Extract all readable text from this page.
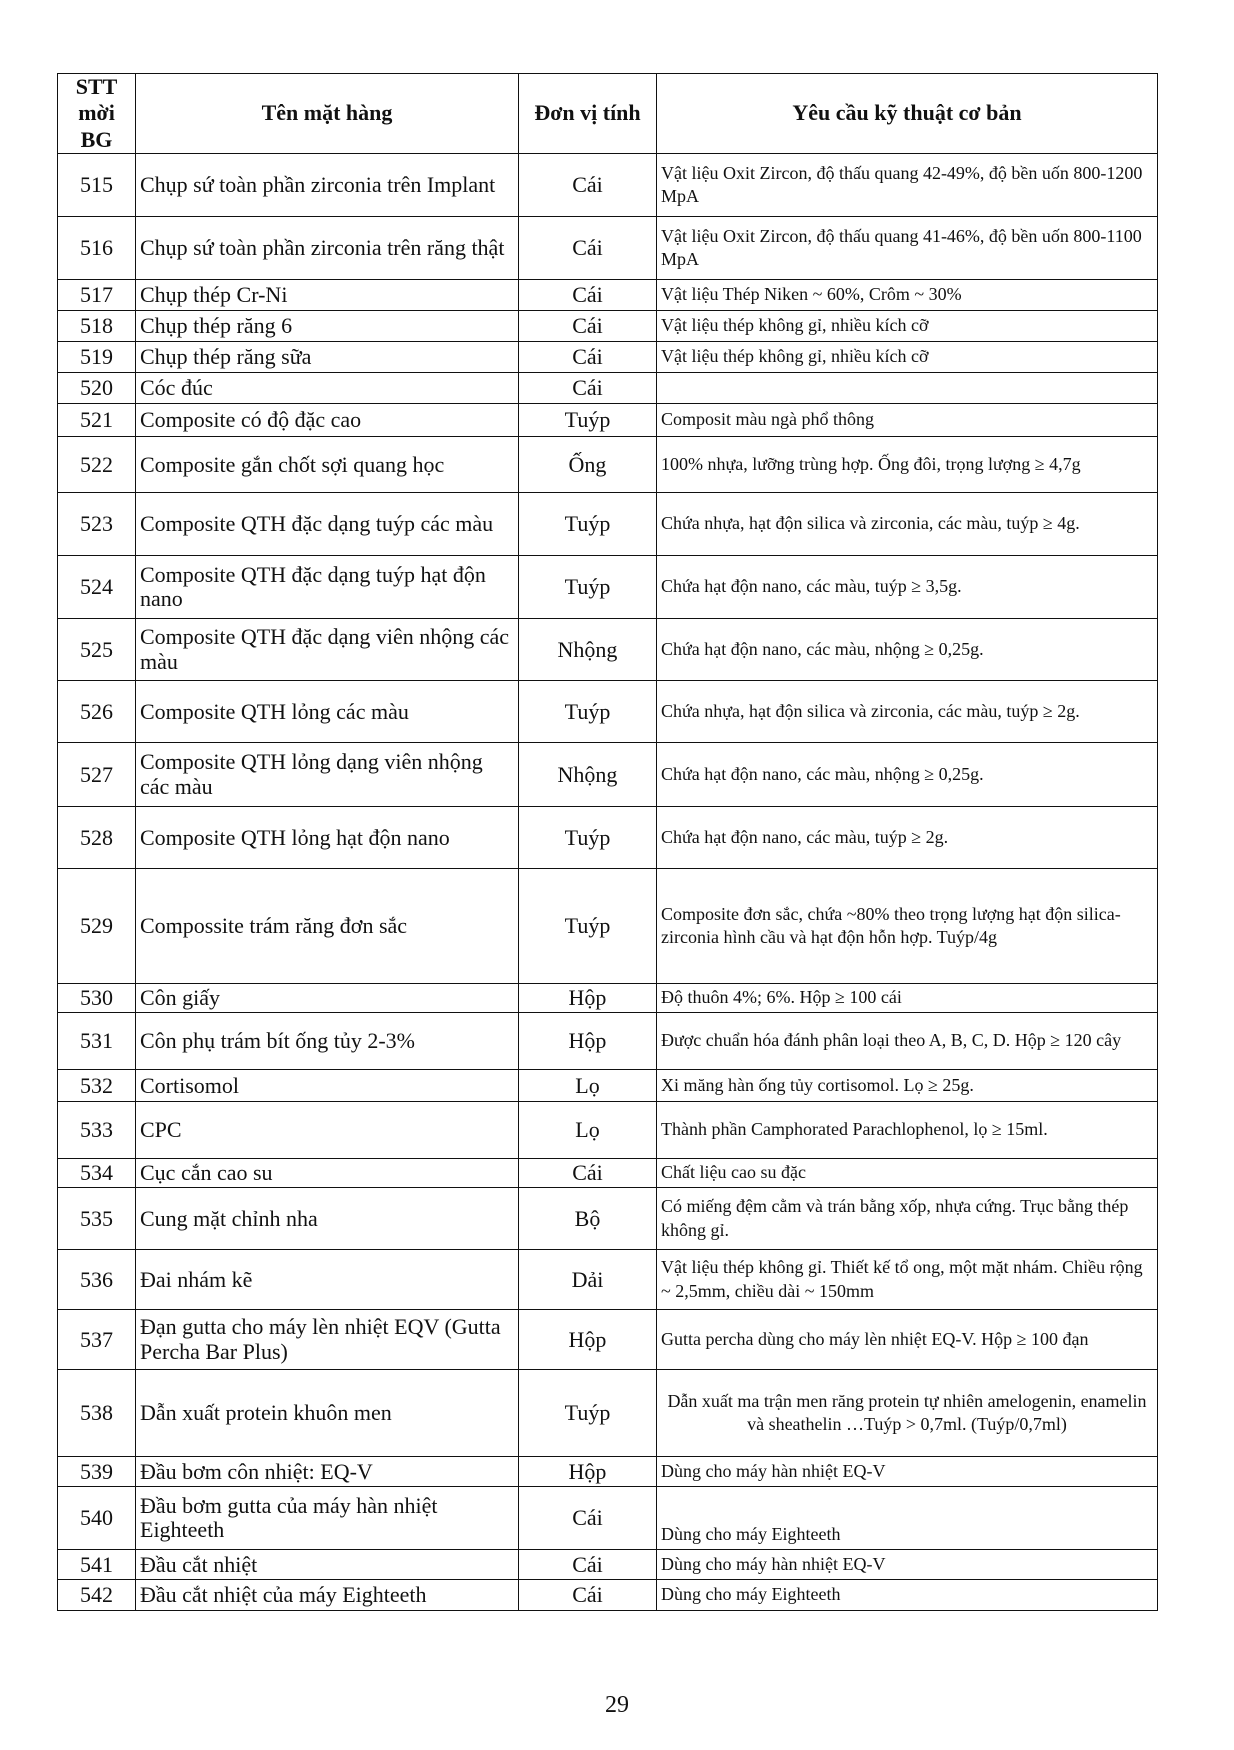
STT mời BG	Tên mặt hàng	Đơn vị tính	Yêu cầu kỹ thuật cơ bản
515	Chụp sứ toàn phần zirconia trên Implant	Cái	Vật liệu Oxit Zircon, độ thấu quang 42-49%, độ bền uốn 800-1200 MpA
516	Chụp sứ toàn phần zirconia trên răng thật	Cái	Vật liệu Oxit Zircon, độ thấu quang 41-46%, độ bền uốn 800-1100 MpA
517	Chụp thép Cr-Ni	Cái	Vật liệu Thép Niken ~ 60%, Crôm ~ 30%
518	Chụp thép răng 6	Cái	Vật liệu thép không gỉ, nhiều kích cỡ
519	Chụp thép răng sữa	Cái	Vật liệu thép không gỉ, nhiều kích cỡ
520	Cóc đúc	Cái	
521	Composite có độ đặc cao	Tuýp	Composit màu ngà phổ thông
522	Composite gắn chốt sợi quang học	Ống	100% nhựa, lưỡng trùng hợp. Ống đôi, trọng lượng ≥ 4,7g
523	Composite QTH đặc dạng tuýp các màu	Tuýp	Chứa nhựa, hạt độn silica và zirconia, các màu, tuýp ≥ 4g.
524	Composite QTH đặc dạng tuýp hạt độn nano	Tuýp	Chứa hạt độn nano, các màu, tuýp ≥ 3,5g.
525	Composite QTH đặc dạng viên nhộng các màu	Nhộng	Chứa hạt độn nano, các màu, nhộng ≥ 0,25g.
526	Composite QTH lỏng các màu	Tuýp	Chứa nhựa, hạt độn silica và zirconia, các màu, tuýp ≥ 2g.
527	Composite QTH lỏng dạng viên nhộng các màu	Nhộng	Chứa hạt độn nano, các màu, nhộng ≥ 0,25g.
528	Composite QTH lỏng hạt độn nano	Tuýp	Chứa hạt độn nano, các màu, tuýp ≥ 2g.
529	Compossite trám răng đơn sắc	Tuýp	Composite đơn sắc, chứa ~80% theo trọng lượng hạt độn silica-zirconia hình cầu và hạt độn hỗn hợp. Tuýp/4g
530	Côn giấy	Hộp	Độ thuôn 4%; 6%. Hộp ≥ 100 cái
531	Côn phụ trám bít ống tủy 2-3%	Hộp	Được chuẩn hóa đánh phân loại theo A, B, C, D. Hộp ≥ 120 cây
532	Cortisomol	Lọ	Xi măng hàn ống tủy cortisomol. Lọ ≥ 25g.
533	CPC	Lọ	Thành phần Camphorated Parachlophenol, lọ ≥ 15ml.
534	Cục cắn cao su	Cái	Chất liệu cao su đặc
535	Cung mặt chỉnh nha	Bộ	Có miếng đệm cằm và trán bằng xốp, nhựa cứng. Trục bằng thép không gỉ.
536	Đai nhám kẽ	Dải	Vật liệu thép không gỉ. Thiết kế tổ ong, một mặt nhám. Chiều rộng ~ 2,5mm, chiều dài ~ 150mm
537	Đạn gutta cho máy lèn nhiệt EQV (Gutta Percha Bar Plus)	Hộp	Gutta percha dùng cho máy lèn nhiệt EQ-V. Hộp ≥ 100 đạn
538	Dẫn xuất protein khuôn men	Tuýp	Dẫn xuất ma trận men răng protein tự nhiên amelogenin, enamelin và sheathelin …Tuýp > 0,7ml. (Tuýp/0,7ml)
539	Đầu bơm côn nhiệt: EQ-V	Hộp	Dùng cho máy hàn nhiệt EQ-V
540	Đầu bơm gutta của máy hàn nhiệt Eighteeth	Cái	Dùng cho máy Eighteeth
541	Đầu cắt nhiệt	Cái	Dùng cho máy hàn nhiệt EQ-V
542	Đầu cắt nhiệt của máy Eighteeth	Cái	Dùng cho máy Eighteeth
29
